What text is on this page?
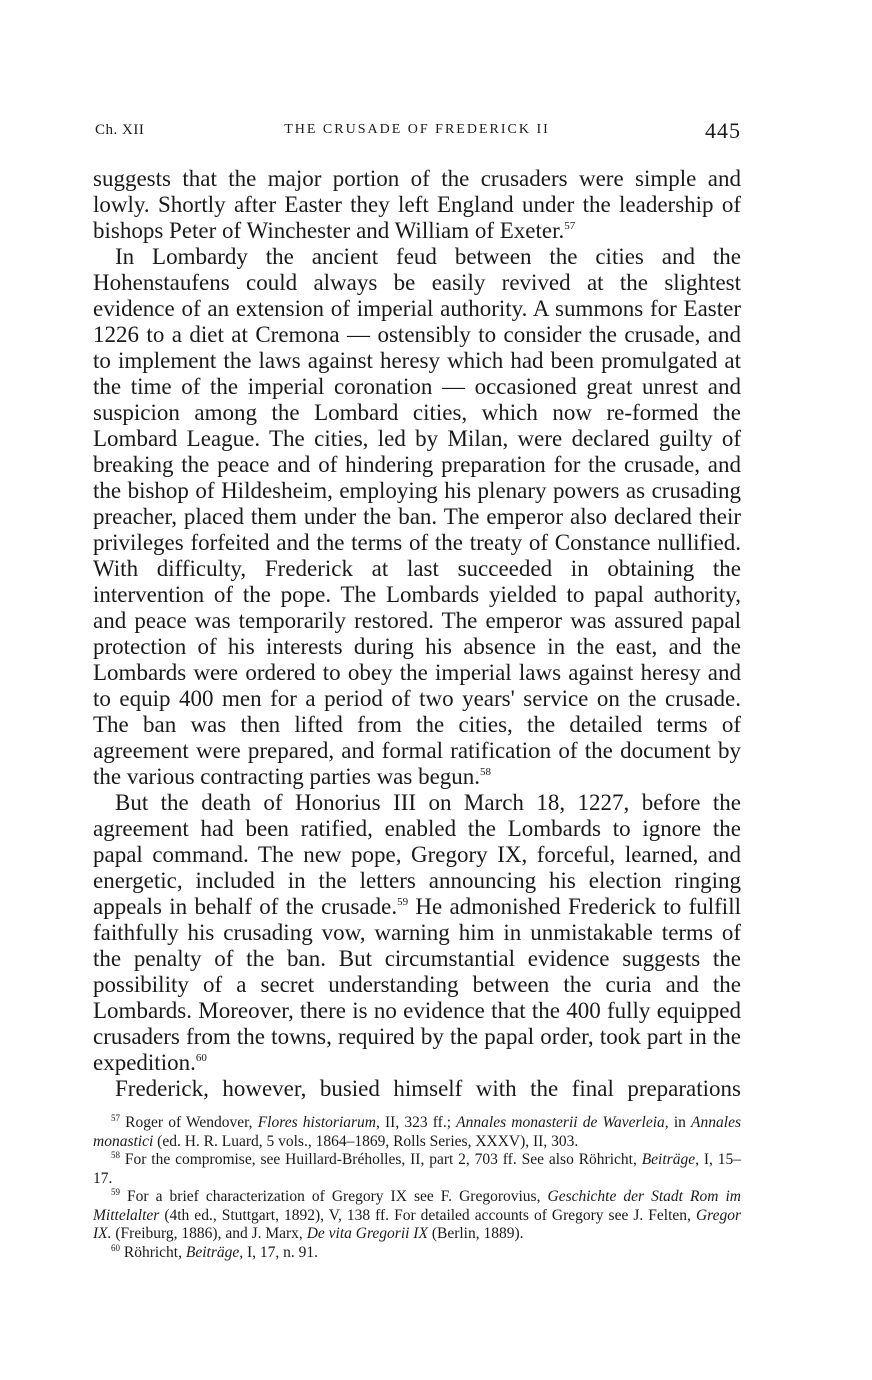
Ch. XII	THE CRUSADE OF FREDERICK II	445

suggests that the major portion of the crusaders were simple and lowly. Shortly after Easter they left England under the leadership of bishops Peter of Winchester and William of Exeter.$^{57}$

In Lombardy the ancient feud between the cities and the Hohenstaufens could always be easily revived at the slightest evidence of an extension of imperial authority. A summons for Easter 1226 to a diet at Cremona — ostensibly to consider the crusade, and to implement the laws against heresy which had been promulgated at the time of the imperial coronation — occasioned great unrest and suspicion among the Lombard cities, which now re-formed the Lombard League. The cities, led by Milan, were declared guilty of breaking the peace and of hindering preparation for the crusade, and the bishop of Hildesheim, employing his plenary powers as crusading preacher, placed them under the ban. The emperor also declared their privileges forfeited and the terms of the treaty of Constance nullified. With difficulty, Frederick at last succeeded in obtaining the intervention of the pope. The Lombards yielded to papal authority, and peace was temporarily restored. The emperor was assured papal protection of his interests during his absence in the east, and the Lombards were ordered to obey the imperial laws against heresy and to equip 400 men for a period of two years' service on the crusade. The ban was then lifted from the cities, the detailed terms of agreement were prepared, and formal ratification of the document by the various contracting parties was begun.$^{58}$

But the death of Honorius III on March 18, 1227, before the agreement had been ratified, enabled the Lombards to ignore the papal command. The new pope, Gregory IX, forceful, learned, and energetic, included in the letters announcing his election ringing appeals in behalf of the crusade.$^{59}$ He admonished Frederick to fulfill faithfully his crusading vow, warning him in unmistakable terms of the penalty of the ban. But circumstantial evidence suggests the possibility of a secret understanding between the curia and the Lombards. Moreover, there is no evidence that the 400 fully equipped crusaders from the towns, required by the papal order, took part in the expedition.$^{60}$

Frederick, however, busied himself with the final preparations

$^{57}$ Roger of Wendover, Flores historiarum, II, 323 ff.; Annales monasterii de Waverleia, in Annales monastici (ed. H. R. Luard, 5 vols., 1864–1869, Rolls Series, XXXV), II, 303.

$^{58}$ For the compromise, see Huillard-Bréholles, II, part 2, 703 ff. See also Röhricht, Beiträge, I, 15–17.

$^{59}$ For a brief characterization of Gregory IX see F. Gregorovius, Geschichte der Stadt Rom im Mittelalter (4th ed., Stuttgart, 1892), V, 138 ff. For detailed accounts of Gregory see J. Felten, Gregor IX. (Freiburg, 1886), and J. Marx, De vita Gregorii IX (Berlin, 1889).

$^{60}$ Röhricht, Beiträge, I, 17, n. 91.
